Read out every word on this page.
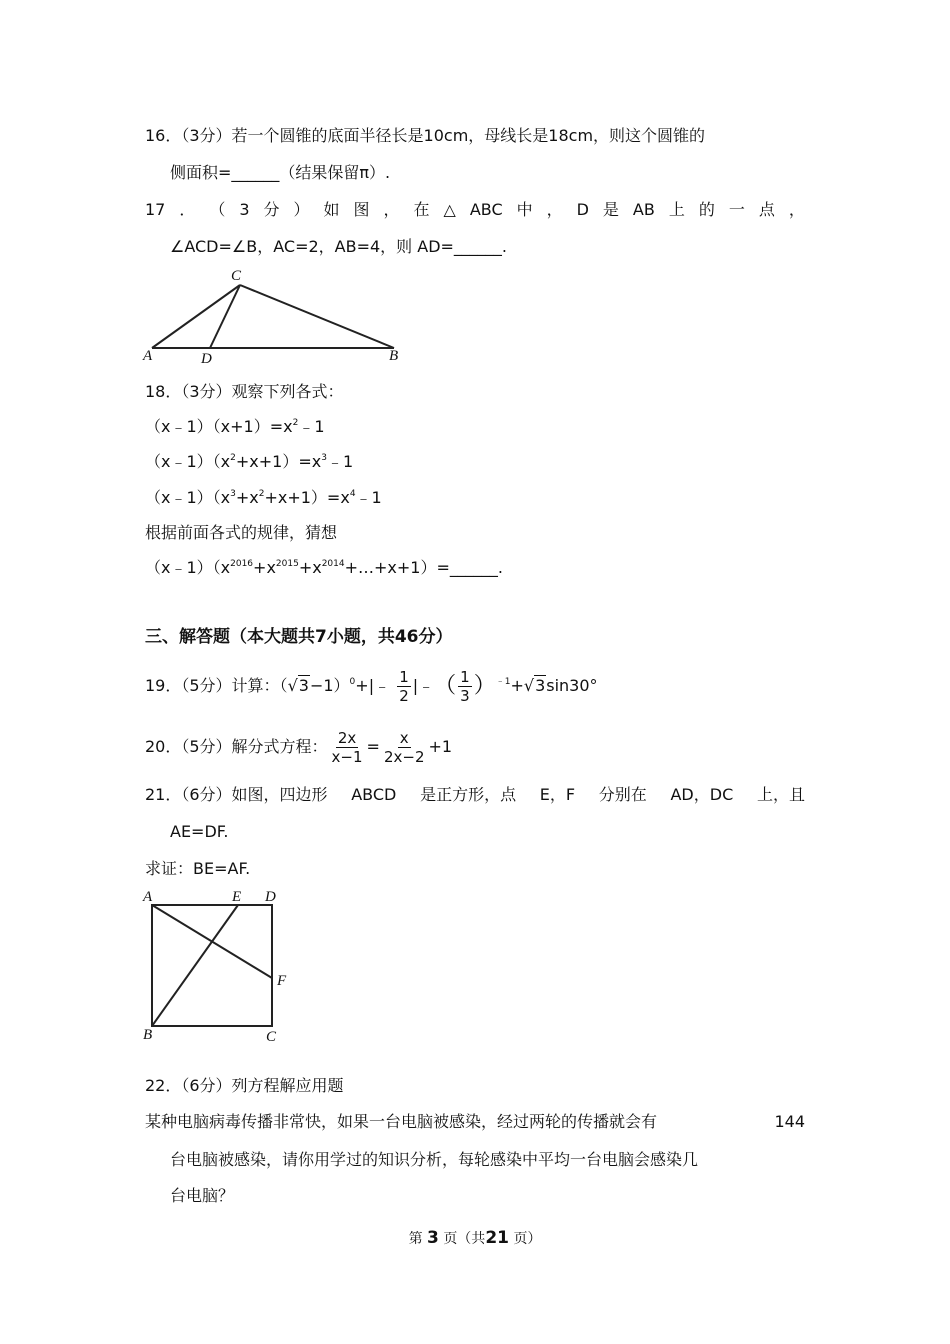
16．（3分）若一个圆锥的底面半径长是10cm，母线长是18cm，则这个圆锥的
侧面积=______（结果保留π）.
17 ． （ 3 分 ） 如 图 ， 在 △ ABC 中 ， D 是 AB 上 的 一 点 ，
∠ACD=∠B，AC=2，AB=4，则 AD=______.
C
A	D	B
18．（3分）观察下列各式：
$(x﹣1)(x+1)=x^2﹣1$
$(x﹣1)(x^2+x+1)=x^3﹣1$
$(x﹣1)(x^3+x^2+x+1)=x^4﹣1$
根据前面各式的规律，猜想
$(x﹣1)(x^{2016}+x^{2015}+x^{2014}+\dots+x+1)=\_\_\_\_\_\_$.
三、解答题（本大题共7小题，共46分）
19．（5分）计算：$(√3-1)^0+|﹣ \frac{1}{2}$ |﹣（ $\frac{1}{3} )^{﹣1}+√3\sin 30^\circ$
20．（5分）解分式方程： $\frac{2x}{x-1} = \frac{x}{2x-2} +1$
21．（6分）如图，四边形 ABCD 是正方形，点 E，F 分别在 AD，DC 上，且
AE=DF.
求证：BE=AF.
A	E D
F
B	C
22．（6分）列方程解应用题
某种电脑病毒传播非常快，如果一台电脑被感染，经过两轮的传播就会有	144
台电脑被感染，请你用学过的知识分析，每轮感染中平均一台电脑会感染几
台电脑？
第 3 页（共21 页）
